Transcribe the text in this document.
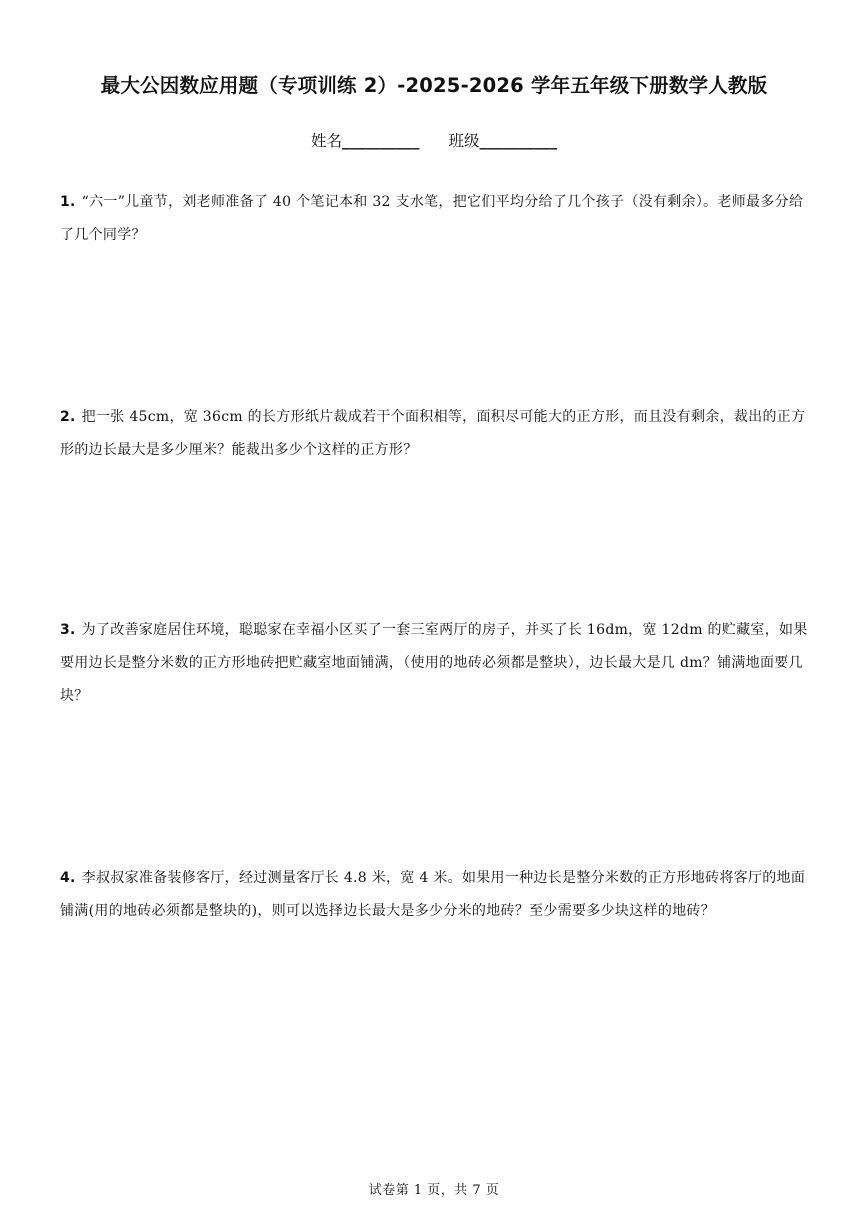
最大公因数应用题（专项训练 2）-2025-2026 学年五年级下册数学人教版
姓名__________ 班级__________
1. “六一”儿童节，刘老师准备了 40 个笔记本和 32 支水笔，把它们平均分给了几个孩子（没有剩余）。老师最多分给了几个同学？
2. 把一张 45cm，宽 36cm 的长方形纸片裁成若干个面积相等，面积尽可能大的正方形，而且没有剩余，裁出的正方形的边长最大是多少厘米？能裁出多少个这样的正方形？
3. 为了改善家庭居住环境，聪聪家在幸福小区买了一套三室两厅的房子，并买了长 16dm，宽 12dm 的贮藏室，如果要用边长是整分米数的正方形地砖把贮藏室地面铺满，（使用的地砖必须都是整块），边长最大是几 dm？铺满地面要几块？
4. 李叔叔家准备装修客厅，经过测量客厅长 4.8 米，宽 4 米。如果用一种边长是整分米数的正方形地砖将客厅的地面铺满(用的地砖必须都是整块的)，则可以选择边长最大是多少分米的地砖？至少需要多少块这样的地砖？
试卷第 1 页，共 7 页
